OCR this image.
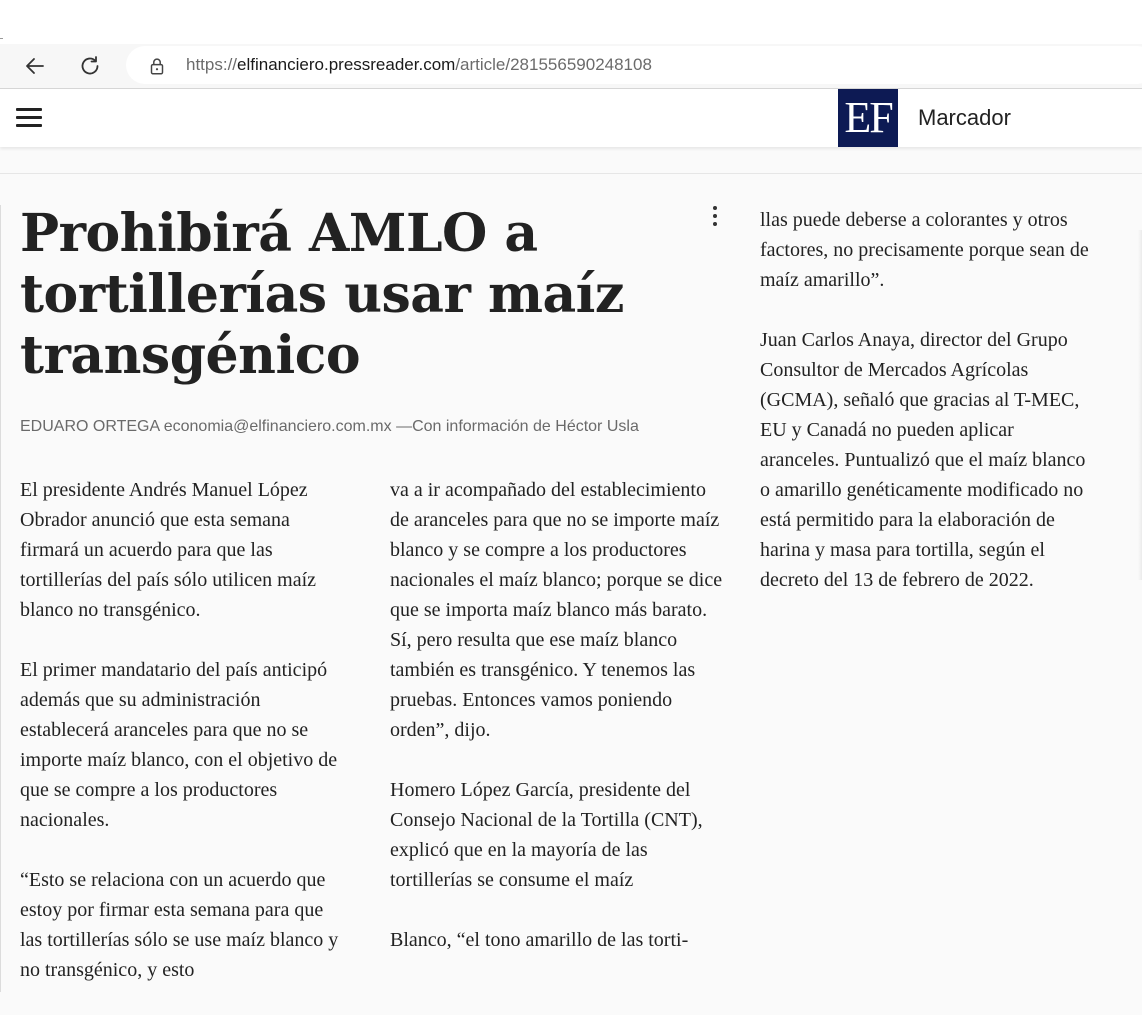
https://elfinanciero.pressreader.com/article/281556590248108
EF Marcador
Prohibirá AMLO a tortillerías usar maíz transgénico
EDUARO ORTEGA economia@elfinanciero.com.mx —Con información de Héctor Usla

El presidente Andrés Manuel López Obrador anunció que esta semana firmará un acuerdo para que las tortillerías del país sólo utilicen maíz blanco no transgénico.

El primer mandatario del país anticipó además que su administración establecerá aranceles para que no se importe maíz blanco, con el objetivo de que se compre a los productores nacionales.

“Esto se relaciona con un acuerdo que estoy por firmar esta semana para que las tortillerías sólo se use maíz blanco y no transgénico, y esto

va a ir acompañado del establecimiento de aranceles para que no se importe maíz blanco y se compre a los productores nacionales el maíz blanco; porque se dice que se importa maíz blanco más barato. Sí, pero resulta que ese maíz blanco también es transgénico. Y tenemos las pruebas. Entonces vamos poniendo orden”, dijo.

Homero López García, presidente del Consejo Nacional de la Tortilla (CNT), explicó que en la mayoría de las tortillerías se consume el maíz

Blanco, “el tono amarillo de las torti-

llas puede deberse a colorantes y otros factores, no precisamente porque sean de maíz amarillo”.

Juan Carlos Anaya, director del Grupo Consultor de Mercados Agrícolas (GCMA), señaló que gracias al T-MEC, EU y Canadá no pueden aplicar aranceles. Puntualizó que el maíz blanco o amarillo genéticamente modificado no está permitido para la elaboración de harina y masa para tortilla, según el decreto del 13 de febrero de 2022.
